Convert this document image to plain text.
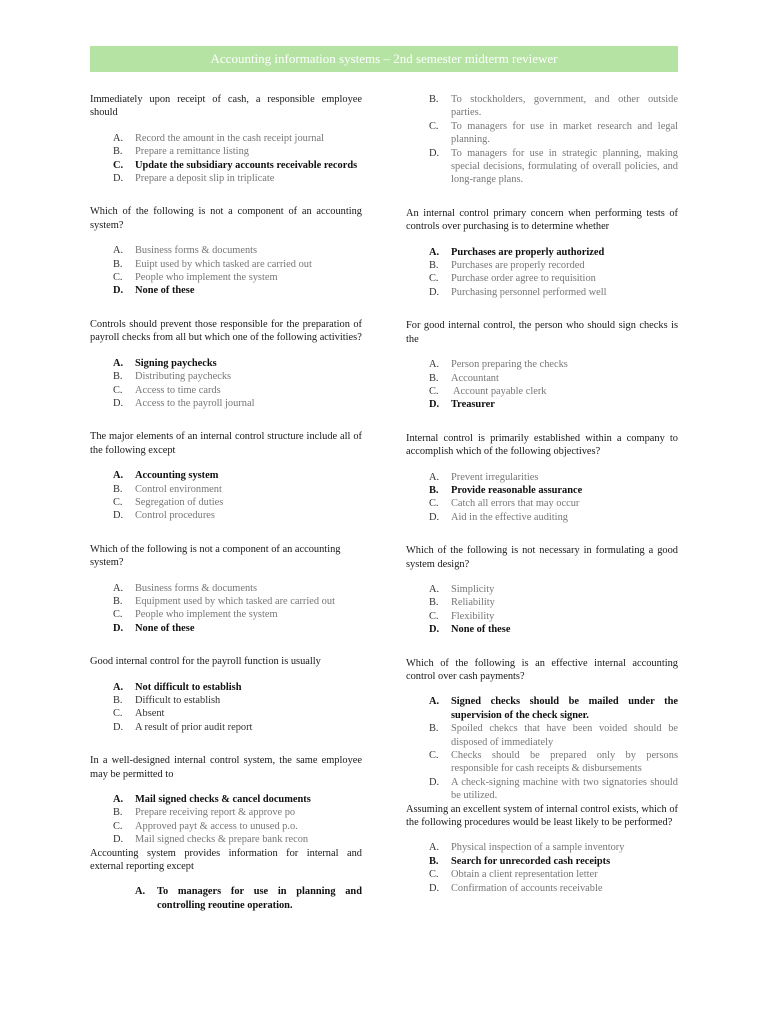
Accounting information systems – 2nd semester midterm reviewer

Immediately upon receipt of cash, a responsible employee should

A.	Record the amount in the cash receipt journal
B.	Prepare a remittance listing
C.	Update the subsidiary accounts receivable records
D.	Prepare a deposit slip in triplicate

Which of the following is not a component of an accounting system?

A.	Business forms & documents
B.	Euipt used by which tasked are carried out
C.	People who implement the system
D.	None of these

Controls should prevent those responsible for the preparation of payroll checks from all but which one of the following activities?

A.	Signing paychecks
B.	Distributing paychecks
C.	Access to time cards
D.	Access to the payroll journal

The major elements of an internal control structure include all of the following except

A.	Accounting system
B.	Control environment
C.	Segregation of duties
D.	Control procedures

Which of the following is not a component of an accounting system?

A.	Business forms & documents
B.	Equipment used by which tasked are carried out
C.	People who implement the system
D.	None of these

Good internal control for the payroll function is usually

A.	Not difficult to establish
B.	Difficult to establish
C.	Absent
D.	A result of prior audit report

In a well-designed internal control system, the same employee may be permitted to

A.	Mail signed checks & cancel documents
B.	Prepare receiving report & approve po
C.	Approved payt & access to unused p.o.
D.	Mail signed checks & prepare bank recon

Accounting system provides information for internal and external reporting except

A.	To managers for use in planning and controlling reoutine operation.
B.	To stockholders, government, and other outside parties.
C.	To managers for use in market research and legal planning.
D.	To managers for use in strategic planning, making special decisions, formulating of overall policies, and long-range plans.

An internal control primary concern when performing tests of controls over purchasing is to determine whether

A.	Purchases are properly authorized
B.	Purchases are properly recorded
C.	Purchase order agree to requisition
D.	Purchasing personnel performed well

For good internal control, the person who should sign checks is the

A.	Person preparing the checks
B.	Accountant
C.	Account payable clerk
D.	Treasurer

Internal control is primarily established within a company to accomplish which of the following objectives?

A.	Prevent irregularities
B.	Provide reasonable assurance
C.	Catch all errors that may occur
D.	Aid in the effective auditing

Which of the following is not necessary in formulating a good system design?

A.	Simplicity
B.	Reliability
C.	Flexibility
D.	None of these

Which of the following is an effective internal accounting control over cash payments?

A.	Signed checks should be mailed under the supervision of the check signer.
B.	Spoiled chekcs that have been voided should be disposed of immediately
C.	Checks should be prepared only by persons responsible for cash receipts & disbursements
D.	A check-signing machine with two signatories should be utilized.

Assuming an excellent system of internal control exists, which of the following procedures would be least likely to be performed?

A.	Physical inspection of a sample inventory
B.	Search for unrecorded cash receipts
C.	Obtain a client representation letter
D.	Confirmation of accounts receivable
